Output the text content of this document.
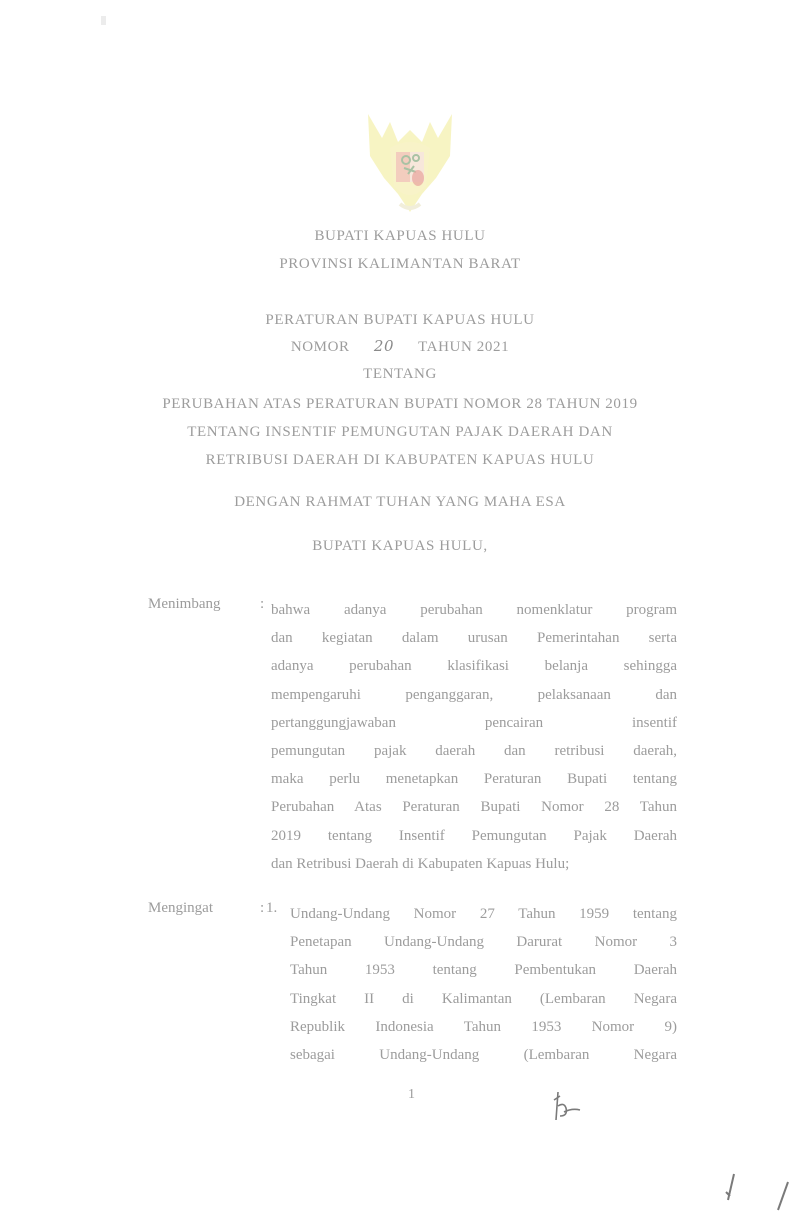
BUPATI KAPUAS HULU
PROVINSI KALIMANTAN BARAT
PERATURAN BUPATI KAPUAS HULU
NOMOR 20 TAHUN 2021
TENTANG
PERUBAHAN ATAS PERATURAN BUPATI NOMOR 28 TAHUN 2019
TENTANG INSENTIF PEMUNGUTAN PAJAK DAERAH DAN
RETRIBUSI DAERAH DI KABUPATEN KAPUAS HULU
DENGAN RAHMAT TUHAN YANG MAHA ESA
BUPATI KAPUAS HULU,
Menimbang	: bahwa adanya perubahan nomenklatur program
dan kegiatan dalam urusan Pemerintahan serta
adanya perubahan klasifikasi belanja sehingga
mempengaruhi penganggaran, pelaksanaan dan
pertanggungjawaban pencairan insentif
pemungutan pajak daerah dan retribusi daerah,
maka perlu menetapkan Peraturan Bupati tentang
Perubahan Atas Peraturan Bupati Nomor 28 Tahun
2019 tentang Insentif Pemungutan Pajak Daerah
dan Retribusi Daerah di Kabupaten Kapuas Hulu;
Mengingat	: 1. Undang-Undang Nomor 27 Tahun 1959 tentang
Penetapan Undang-Undang Darurat Nomor 3
Tahun 1953 tentang Pembentukan Daerah
Tingkat II di Kalimantan (Lembaran Negara
Republik Indonesia Tahun 1953 Nomor 9)
sebagai Undang-Undang (Lembaran Negara
1
